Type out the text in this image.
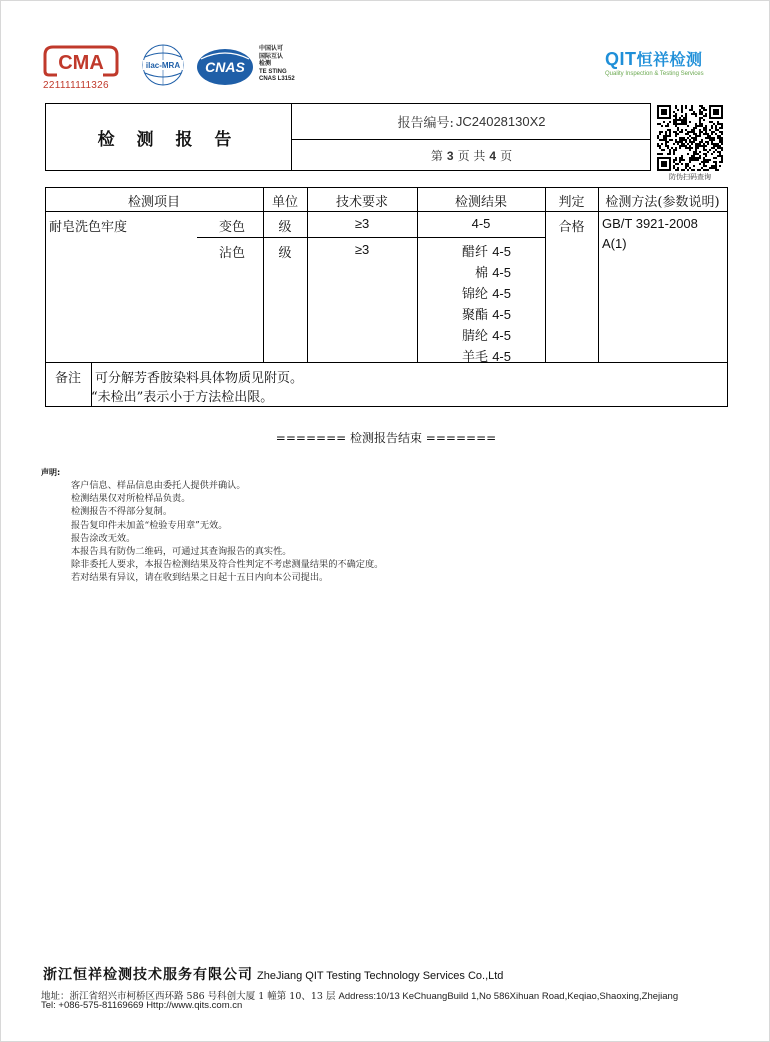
CMA
221111111326
ilac-MRA CNAS
中国认可
国际互认
检测
TE STING
CNAS L3152
QIT恒祥检测
Quality Inspection & Testing Services
检 测 报 告
报告编号: JC24028130X2
第 3 页 共 4 页
防伪扫码查询
检测项目	单位	技术要求	检测结果	判定	检测方法(参数说明)
耐皂洗色牢度	变色	级	≥3	4-5	合格	GB/T 3921-2008
A(1)
沾色	级	≥3	醋纤 4-5
棉 4-5
锦纶 4-5
聚酯 4-5
腈纶 4-5
羊毛 4-5
备注	可分解芳香胺染料具体物质见附页。
“未检出”表示小于方法检出限。
======= 检测报告结束 =======
声明:
客户信息、样品信息由委托人提供并确认。
检测结果仅对所检样品负责。
检测报告不得部分复制。
报告复印件未加盖“检验专用章”无效。
报告涂改无效。
本报告具有防伪二维码，可通过其查询报告的真实性。
除非委托人要求，本报告检测结果及符合性判定不考虑测量结果的不确定度。
若对结果有异议，请在收到结果之日起十五日内向本公司提出。
浙江恒祥检测技术服务有限公司 ZheJiang QIT Testing Technology Services Co.,Ltd
地址：浙江省绍兴市柯桥区西环路 586 号科创大厦 1 幢第 10、13 层 Address:10/13 KeChuangBuild 1,No 586Xihuan Road,Keqiao,Shaoxing,Zhejiang
Tel: +086-575-81169669 Http://www.qits.com.cn
